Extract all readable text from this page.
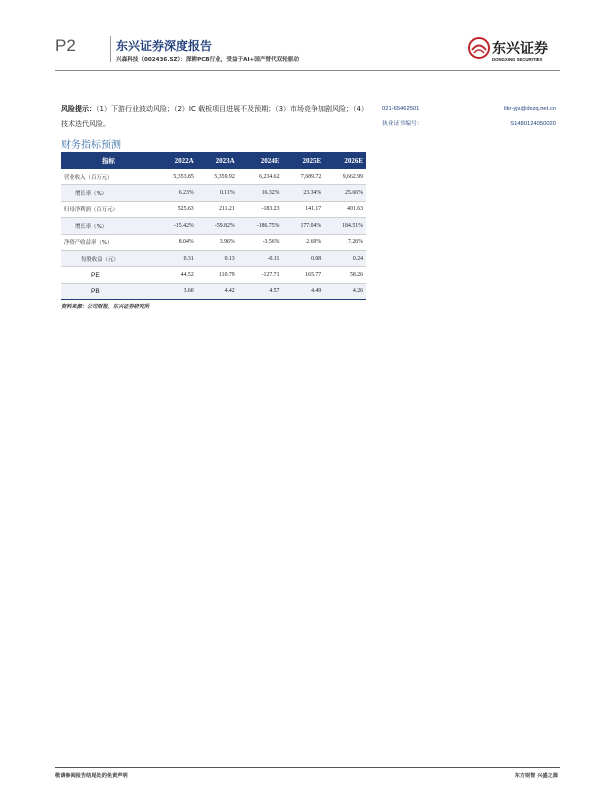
P2	东兴证券深度报告
兴森科技（002436.SZ）：深耕PCB行业，受益于AI+国产替代双轮驱动
东兴证券
DONGXING SECURITIES
风险提示：（1）下游行业波动风险；（2）IC 载板项目进展不及预期；（3）市场竞争加剧风险；（4）技术迭代风险。
021-65462501
执业证书编号：
likr-yjs@dxzq.net.cn
S1480124050020
财务指标预测
指标	2022A	2023A	2024E	2025E	2026E
营业收入（百万元）	5,353.85	5,359.92	6,234.62	7,689.72	9,662.99
增长率（%）	6.23%	0.11%	16.32%	23.34%	25.66%
归母净利润（百万元）	525.63	211.21	-183.23	141.17	401.63
增长率（%）	-15.42%	-59.82%	-186.75%	177.04%	184.51%
净资产收益率（%）	8.04%	3.96%	-3.56%	2.69%	7.26%
每股收益（元）	0.31	0.13	-0.11	0.08	0.24
PE	44.52	110.79	-127.71	165.77	58.26
PB	3.60	4.42	4.57	4.49	4.26
资料来源：公司财报、东兴证券研究所
敬请参阅报告结尾处的免责声明	东方财智 兴盛之源
